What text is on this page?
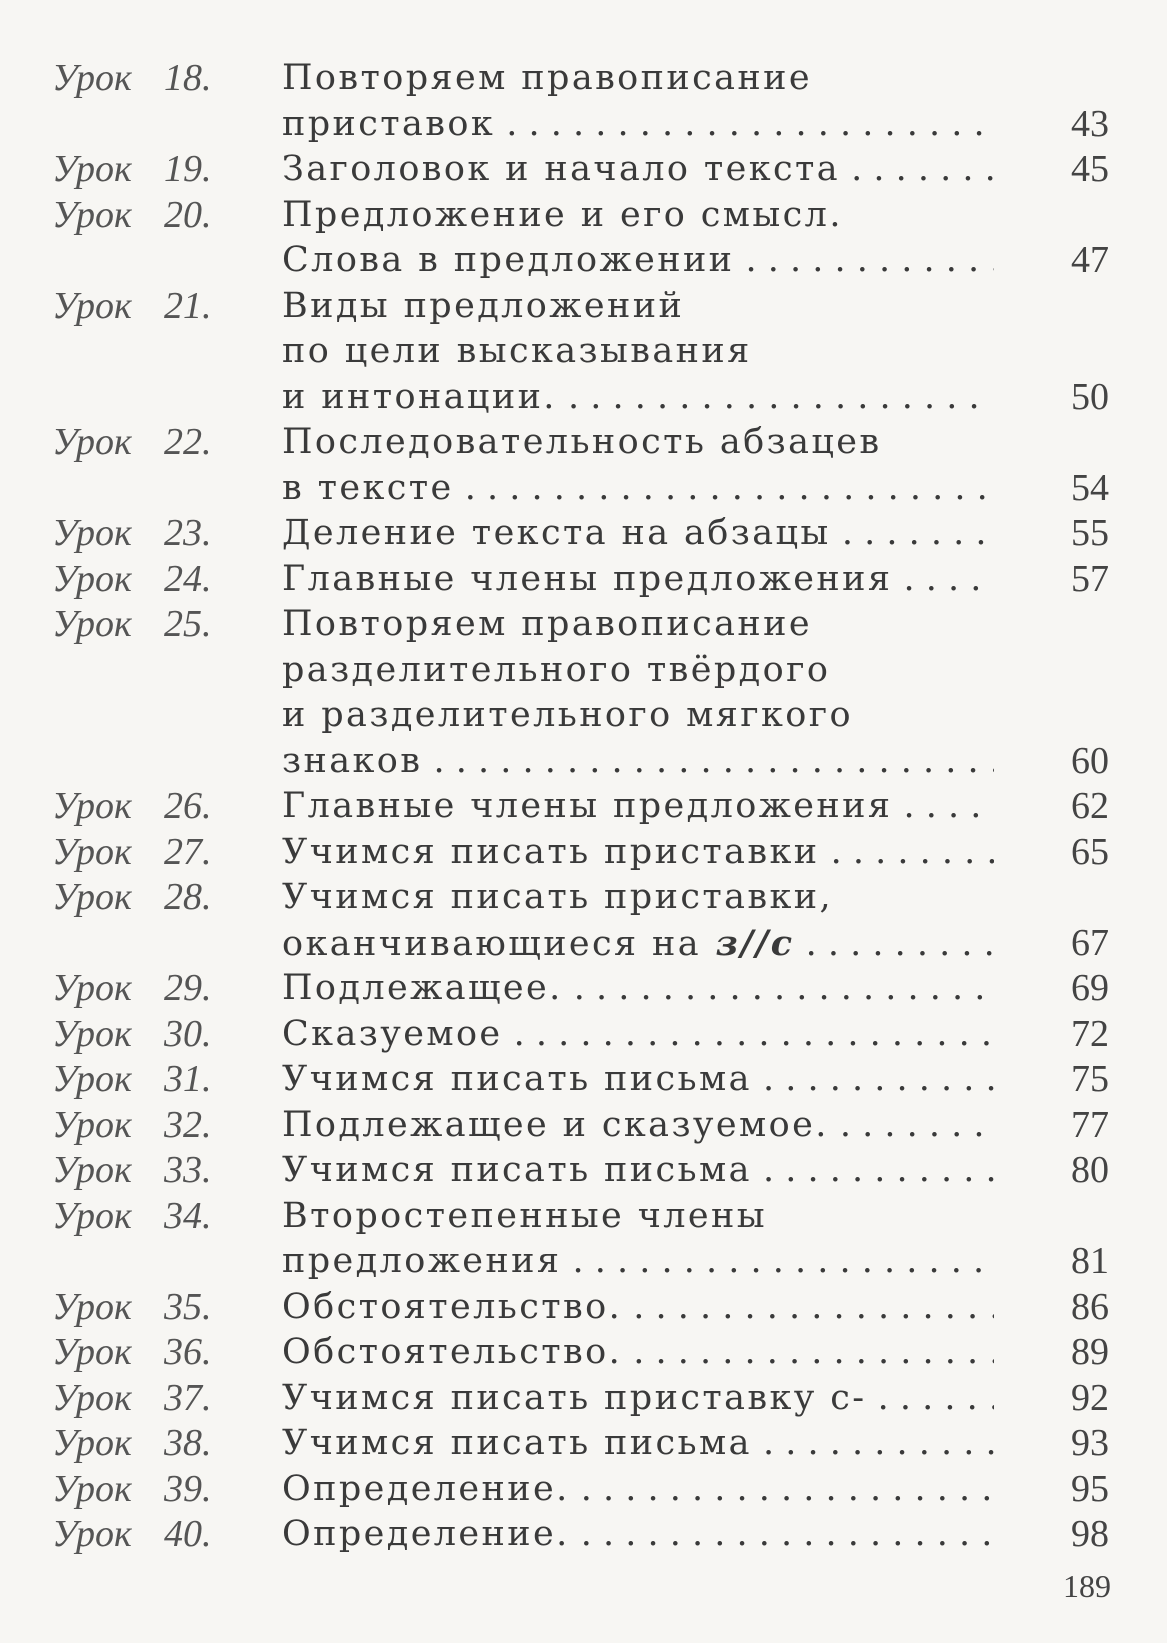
Урок 18. Повторяем правописание
приставок . . .	43
Урок 19. Заголовок и начало текста . . .	45
Урок 20. Предложение и его смысл.
Слова в предложении . . .	47
Урок 21. Виды предложений
по цели высказывания
и интонации. . . .	50
Урок 22. Последовательность абзацев
в тексте . . .	54
Урок 23. Деление текста на абзацы . . .	55
Урок 24. Главные члены предложения . . .	57
Урок 25. Повторяем правописание
разделительного твёрдого
и разделительного мягкого
знаков . . .	60
Урок 26. Главные члены предложения . . .	62
Урок 27. Учимся писать приставки . . .	65
Урок 28. Учимся писать приставки,
оканчивающиеся на з//с . . .	67
Урок 29. Подлежащее. . . .	69
Урок 30. Сказуемое . . .	72
Урок 31. Учимся писать письма . . .	75
Урок 32. Подлежащее и сказуемое. . . .	77
Урок 33. Учимся писать письма . . .	80
Урок 34. Второстепенные члены
предложения . . .	81
Урок 35. Обстоятельство. . . .	86
Урок 36. Обстоятельство. . . .	89
Урок 37. Учимся писать приставку с- . . .	92
Урок 38. Учимся писать письма . . .	93
Урок 39. Определение. . . .	95
Урок 40. Определение. . . .	98
189
